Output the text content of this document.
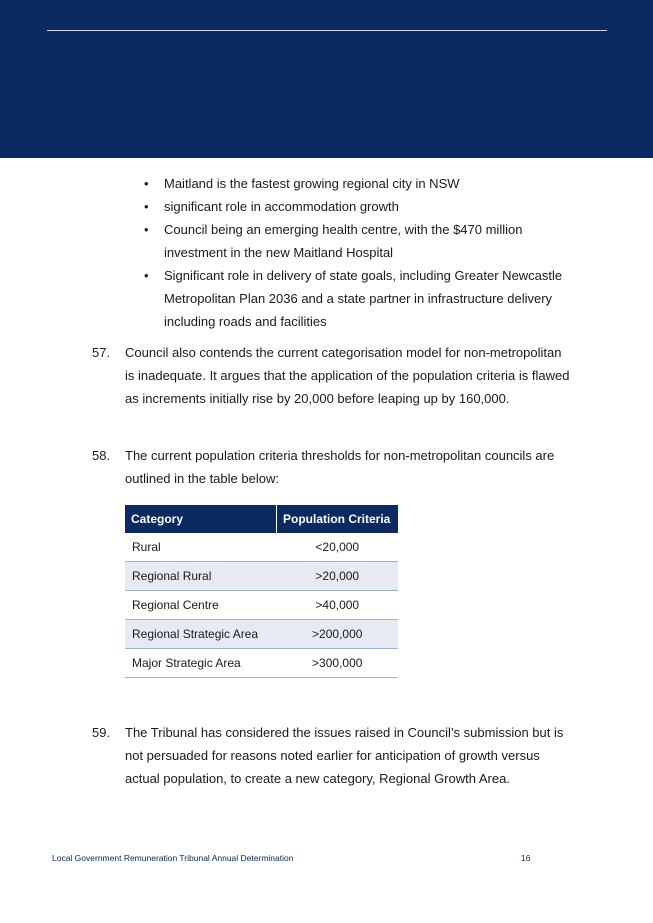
• Maitland is the fastest growing regional city in NSW
• significant role in accommodation growth
• Council being an emerging health centre, with the $470 million investment in the new Maitland Hospital
• Significant role in delivery of state goals, including Greater Newcastle Metropolitan Plan 2036 and a state partner in infrastructure delivery including roads and facilities
57. Council also contends the current categorisation model for non-metropolitan is inadequate. It argues that the application of the population criteria is flawed as increments initially rise by 20,000 before leaping up by 160,000.
58. The current population criteria thresholds for non-metropolitan councils are outlined in the table below:
Category	Population Criteria
Rural	<20,000
Regional Rural	>20,000
Regional Centre	>40,000
Regional Strategic Area	>200,000
Major Strategic Area	>300,000
59. The Tribunal has considered the issues raised in Council’s submission but is not persuaded for reasons noted earlier for anticipation of growth versus actual population, to create a new category, Regional Growth Area.
Local Government Remuneration Tribunal Annual Determination	16
